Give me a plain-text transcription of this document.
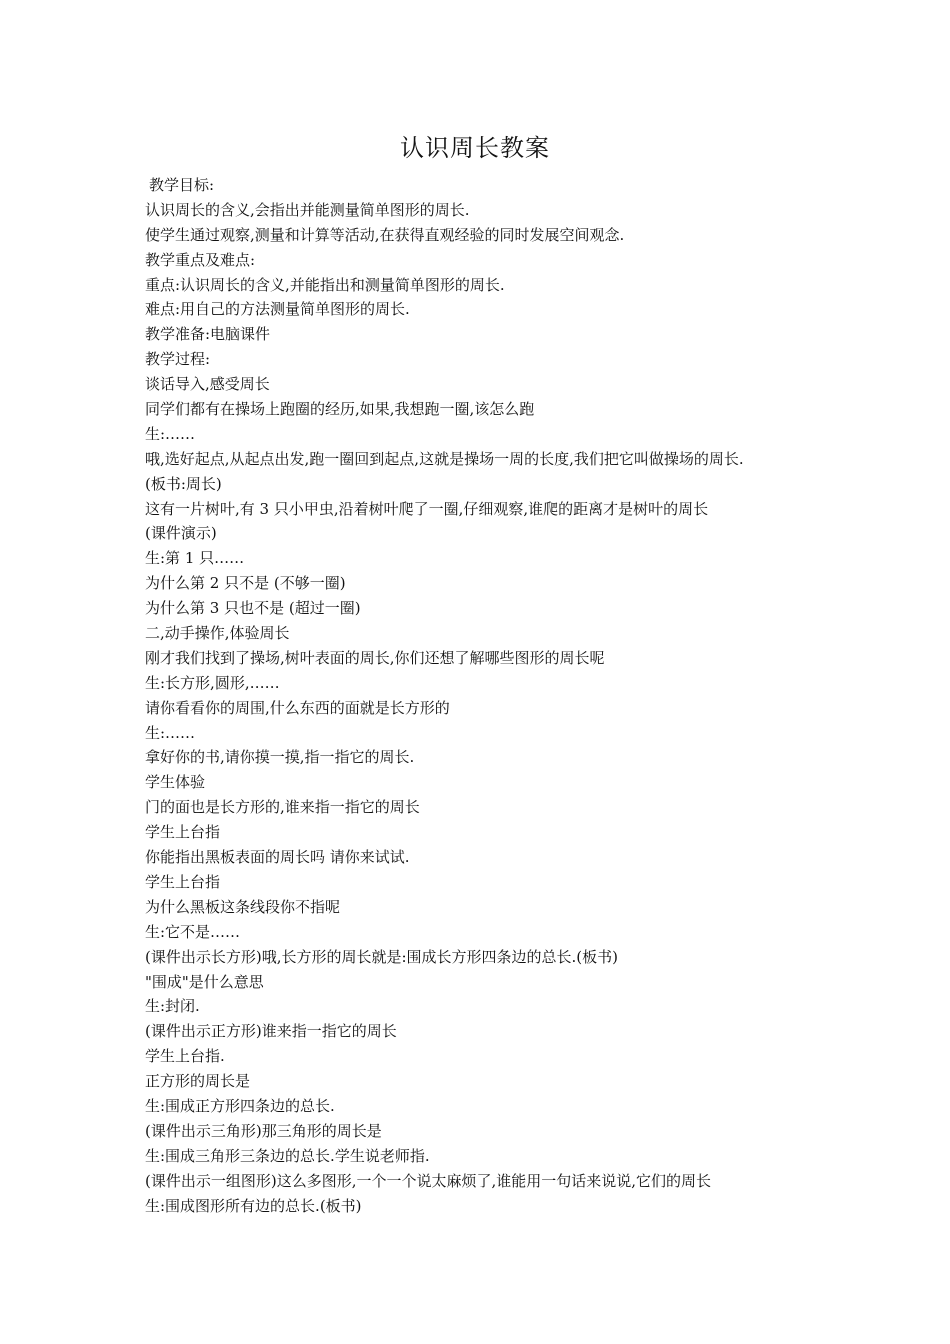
认识周长教案
教学目标:
认识周长的含义,会指出并能测量简单图形的周长.
使学生通过观察,测量和计算等活动,在获得直观经验的同时发展空间观念.
教学重点及难点:
重点:认识周长的含义,并能指出和测量简单图形的周长.
难点:用自己的方法测量简单图形的周长.
教学准备:电脑课件
教学过程:
谈话导入,感受周长
同学们都有在操场上跑圈的经历,如果,我想跑一圈,该怎么跑
生:……
哦,选好起点,从起点出发,跑一圈回到起点,这就是操场一周的长度,我们把它叫做操场的周长.
(板书:周长)
这有一片树叶,有 3 只小甲虫,沿着树叶爬了一圈,仔细观察,谁爬的距离才是树叶的周长
(课件演示)
生:第 1 只……
为什么第 2 只不是 (不够一圈)
为什么第 3 只也不是 (超过一圈)
二,动手操作,体验周长
刚才我们找到了操场,树叶表面的周长,你们还想了解哪些图形的周长呢
生:长方形,圆形,……
请你看看你的周围,什么东西的面就是长方形的
生:……
拿好你的书,请你摸一摸,指一指它的周长.
学生体验
门的面也是长方形的,谁来指一指它的周长
学生上台指
你能指出黑板表面的周长吗 请你来试试.
学生上台指
为什么黑板这条线段你不指呢
生:它不是……
(课件出示长方形)哦,长方形的周长就是:围成长方形四条边的总长.(板书)
"围成"是什么意思
生:封闭.
(课件出示正方形)谁来指一指它的周长
学生上台指.
正方形的周长是
生:围成正方形四条边的总长.
(课件出示三角形)那三角形的周长是
生:围成三角形三条边的总长.学生说老师指.
(课件出示一组图形)这么多图形,一个一个说太麻烦了,谁能用一句话来说说,它们的周长
生:围成图形所有边的总长.(板书)
